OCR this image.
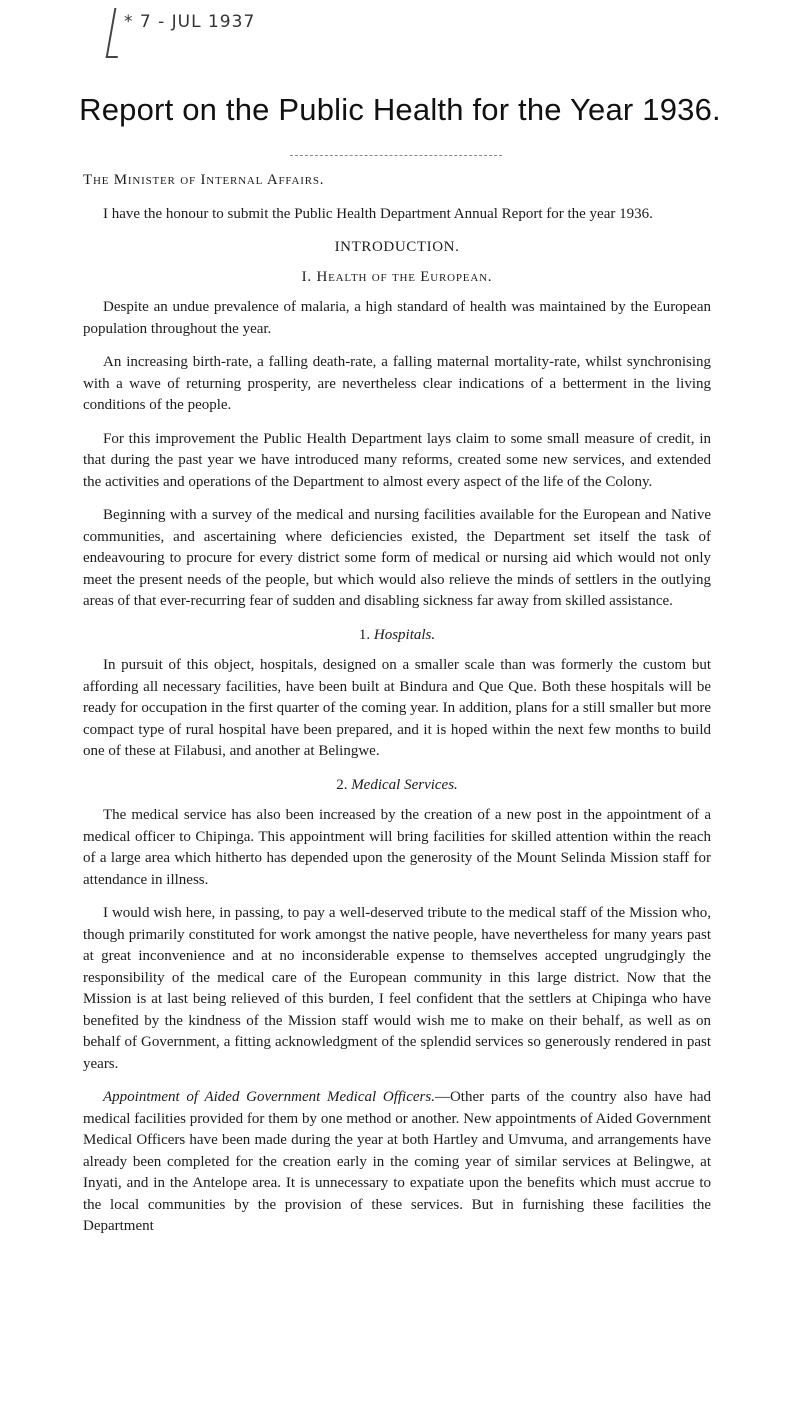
* 7 - JUL 1937
Report on the Public Health for the Year 1936.
The Minister of Internal Affairs.

I have the honour to submit the Public Health Department Annual Report for the year 1936.

INTRODUCTION.
I. Health of the European.

Despite an undue prevalence of malaria, a high standard of health was maintained by the European population throughout the year.

An increasing birth-rate, a falling death-rate, a falling maternal mortality-rate, whilst synchronising with a wave of returning prosperity, are nevertheless clear indications of a betterment in the living conditions of the people.

For this improvement the Public Health Department lays claim to some small measure of credit, in that during the past year we have introduced many reforms, created some new services, and extended the activities and operations of the Department to almost every aspect of the life of the Colony.

Beginning with a survey of the medical and nursing facilities available for the European and Native communities, and ascertaining where deficiencies existed, the Department set itself the task of endeavouring to procure for every district some form of medical or nursing aid which would not only meet the present needs of the people, but which would also relieve the minds of settlers in the outlying areas of that ever-recurring fear of sudden and disabling sickness far away from skilled assistance.

1. Hospitals.

In pursuit of this object, hospitals, designed on a smaller scale than was formerly the custom but affording all necessary facilities, have been built at Bindura and Que Que. Both these hospitals will be ready for occupation in the first quarter of the coming year. In addition, plans for a still smaller but more compact type of rural hospital have been prepared, and it is hoped within the next few months to build one of these at Filabusi, and another at Belingwe.

2. Medical Services.

The medical service has also been increased by the creation of a new post in the appointment of a medical officer to Chipinga. This appointment will bring facilities for skilled attention within the reach of a large area which hitherto has depended upon the generosity of the Mount Selinda Mission staff for attendance in illness.

I would wish here, in passing, to pay a well-deserved tribute to the medical staff of the Mission who, though primarily constituted for work amongst the native people, have nevertheless for many years past at great inconvenience and at no inconsiderable expense to themselves accepted ungrudgingly the responsibility of the medical care of the European community in this large district. Now that the Mission is at last being relieved of this burden, I feel confident that the settlers at Chipinga who have benefited by the kindness of the Mission staff would wish me to make on their behalf, as well as on behalf of Government, a fitting acknowledgment of the splendid services so generously rendered in past years.

Appointment of Aided Government Medical Officers.—Other parts of the country also have had medical facilities provided for them by one method or another. New appointments of Aided Government Medical Officers have been made during the year at both Hartley and Umvuma, and arrangements have already been completed for the creation early in the coming year of similar services at Belingwe, at Inyati, and in the Antelope area. It is unnecessary to expatiate upon the benefits which must accrue to the local communities by the provision of these services. But in furnishing these facilities the Department
